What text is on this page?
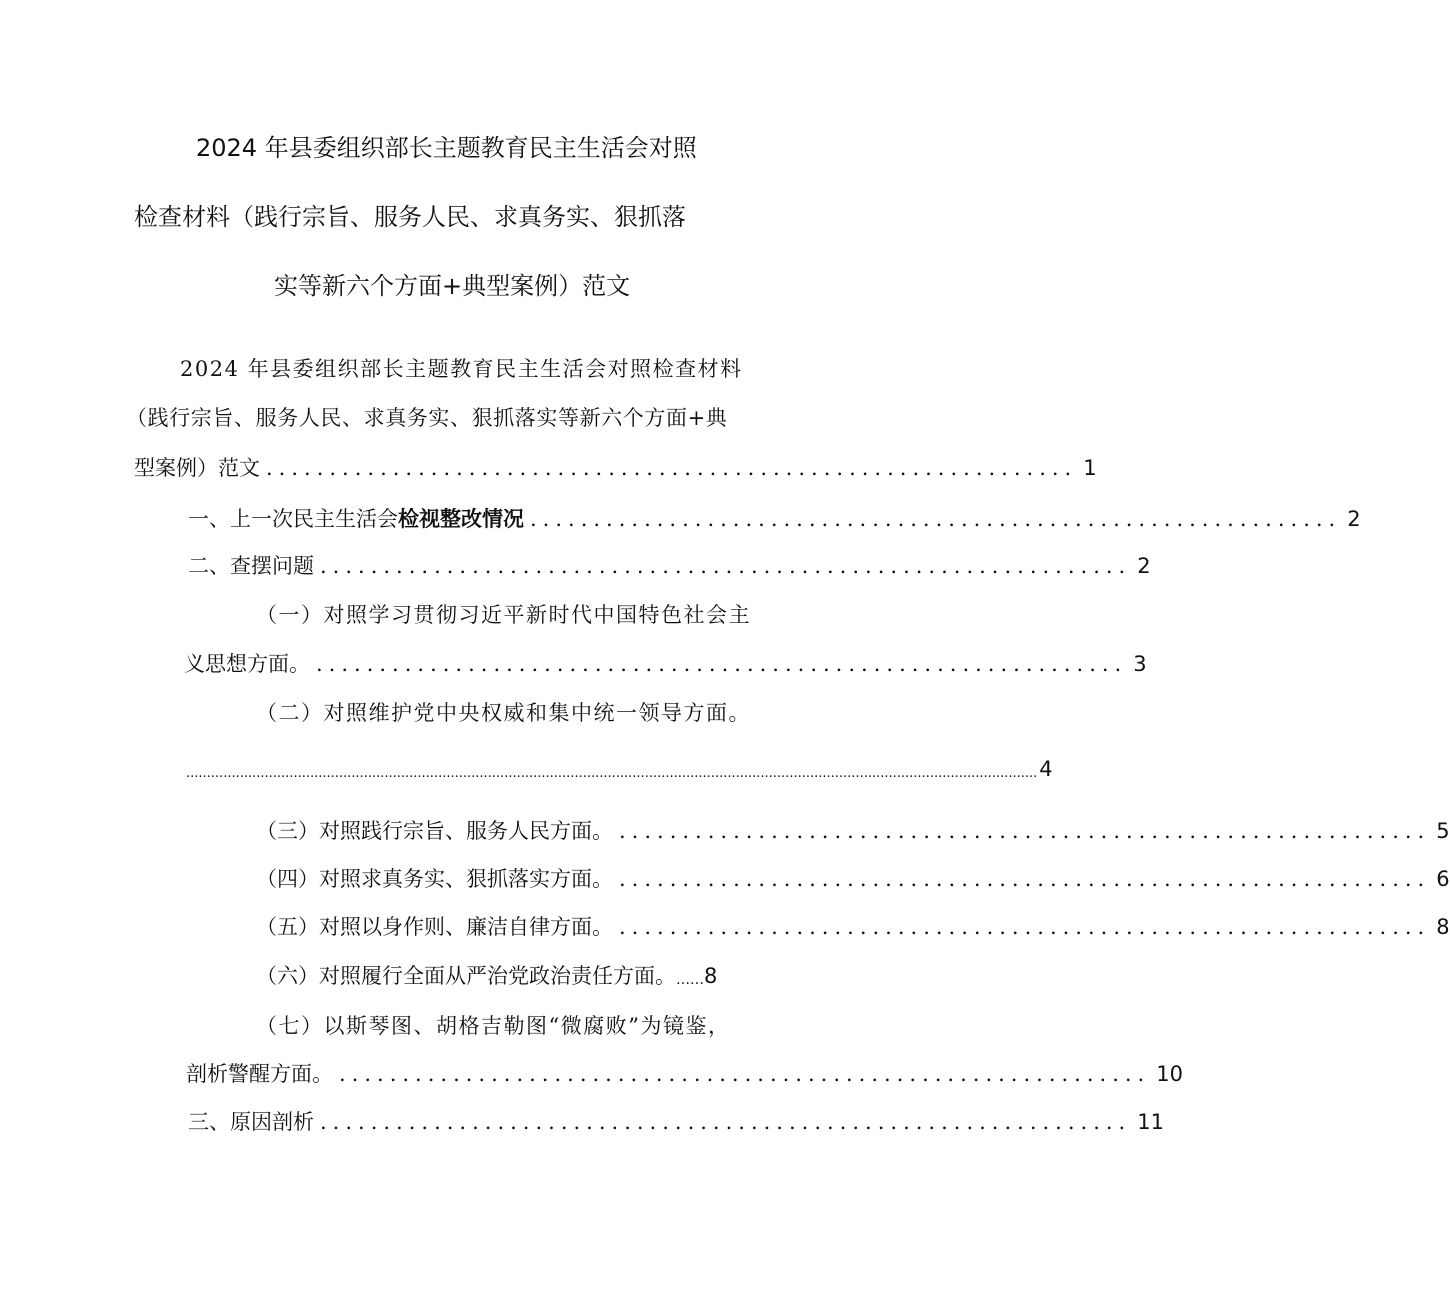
2024 年县委组织部长主题教育民主生活会对照
检查材料（践行宗旨、服务人民、求真务实、狠抓落
实等新六个方面+典型案例）范文
2024 年县委组织部长主题教育民主生活会对照检查材料
（践行宗旨、服务人民、求真务实、狠抓落实等新六个方面+典
型案例）范文 ................................................................ 1
一、上一次民主生活会检视整改情况 ................................................................ 2
二、查摆问题 ................................................................ 2
（一）对照学习贯彻习近平新时代中国特色社会主
义思想方面。 ................................................................ 3
（二）对照维护党中央权威和集中统一领导方面。
.............................................................................................................................................................................................................. 4
（三）对照践行宗旨、服务人民方面。 ................................................................ 5
（四）对照求真务实、狠抓落实方面。 ................................................................ 6
（五）对照以身作则、廉洁自律方面。 ................................................................ 8
（六）对照履行全面从严治党政治责任方面。 …… 8
（七）以斯琴图、胡格吉勒图“微腐败”为镜鉴，
剖析警醒方面。 ................................................................ 10
三、原因剖析 ................................................................ 11
